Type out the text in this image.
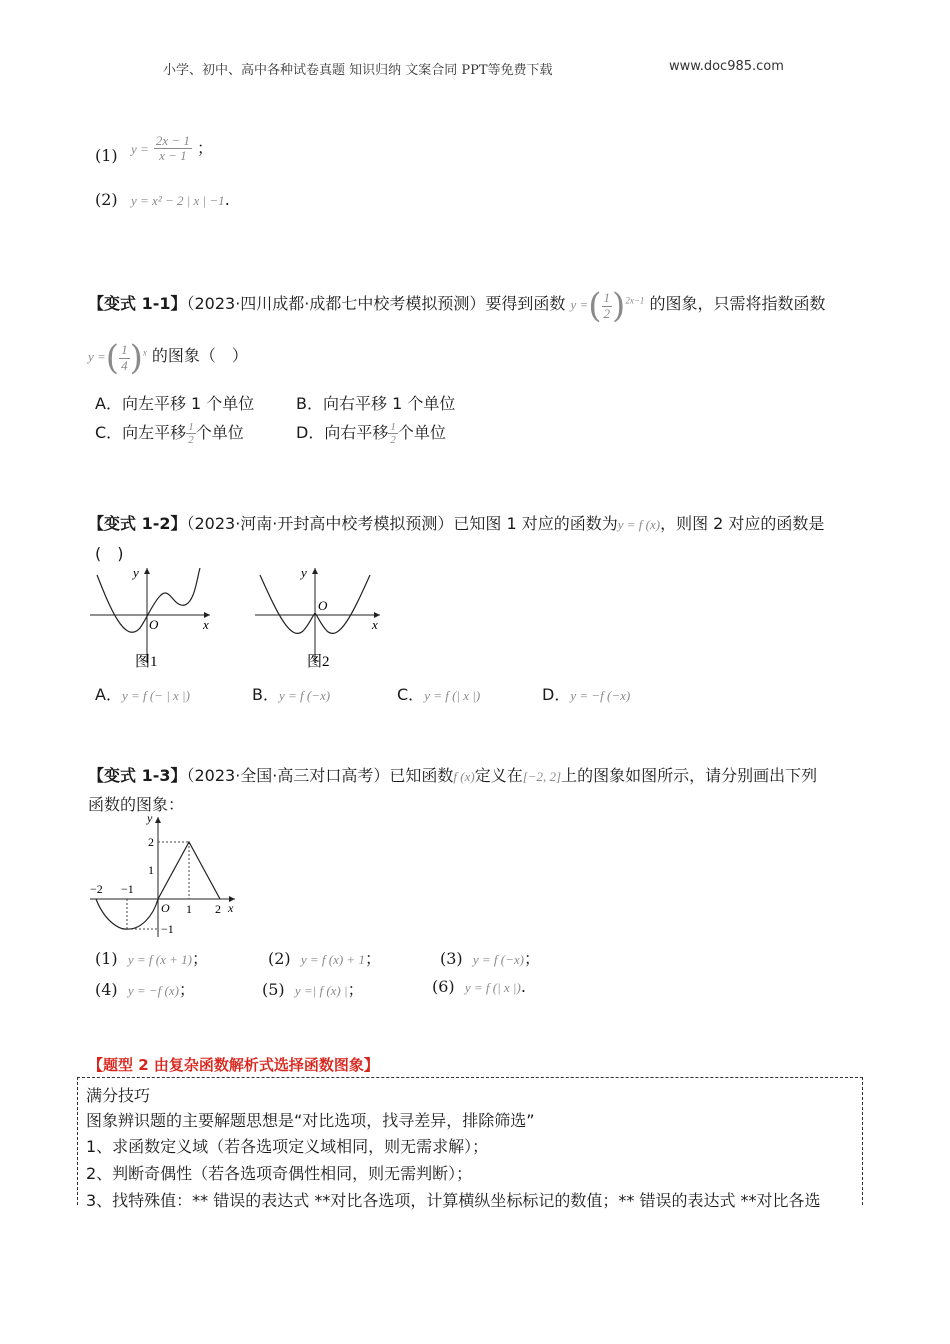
小学、初中、高中各种试卷真题 知识归纳 文案合同 PPT等免费下载	www.doc985.com
(1) $y = \frac{2x - 1}{x - 1}$ ；
(2) y = x² − 2 | x | −1.
【变式 1-1】（2023·四川成都·成都七中校考模拟预测）要得到函数 y =( $\frac{1}{2} )^{2x-1}$ 的图象，只需将指数函数
y =( $\frac{1}{4} )^x$ 的图象（　）
A．向左平移 1 个单位	B．向右平移 1 个单位
C．向左平移 $\frac{1}{2}$ 个单位	D．向右平移 $\frac{1}{2}$ 个单位
【变式 1-2】（2023·河南·开封高中校考模拟预测）已知图 1 对应的函数为y = f (x)，则图 2 对应的函数是
(　)
y
x
O
图1
y
x
O
图2
A．y = f (− | x |)	B．y = f (−x)	C．y = f (| x |)	D．y = −f (−x)
【变式 1-3】（2023·全国·高三对口高考）已知函数f (x)定义在[−2, 2]上的图象如图所示，请分别画出下列
函数的图象：
y
x
O
−2 −1
1 2
2
1
−1
(1) y = f (x + 1)；	(2) y = f (x) + 1；	(3) y = f (−x)；
(4) y = −f (x)；	(5) y =| f (x) |；	(6) y = f (| x |).
【题型 2 由复杂函数解析式选择函数图象】
满分技巧
图象辨识题的主要解题思想是“对比选项，找寻差异，排除筛选”
1、求函数定义域（若各选项定义域相同，则无需求解）；
2、判断奇偶性（若各选项奇偶性相同，则无需判断）；
3、找特殊值：** 错误的表达式 **对比各选项，计算横纵坐标标记的数值；** 错误的表达式 **对比各选
